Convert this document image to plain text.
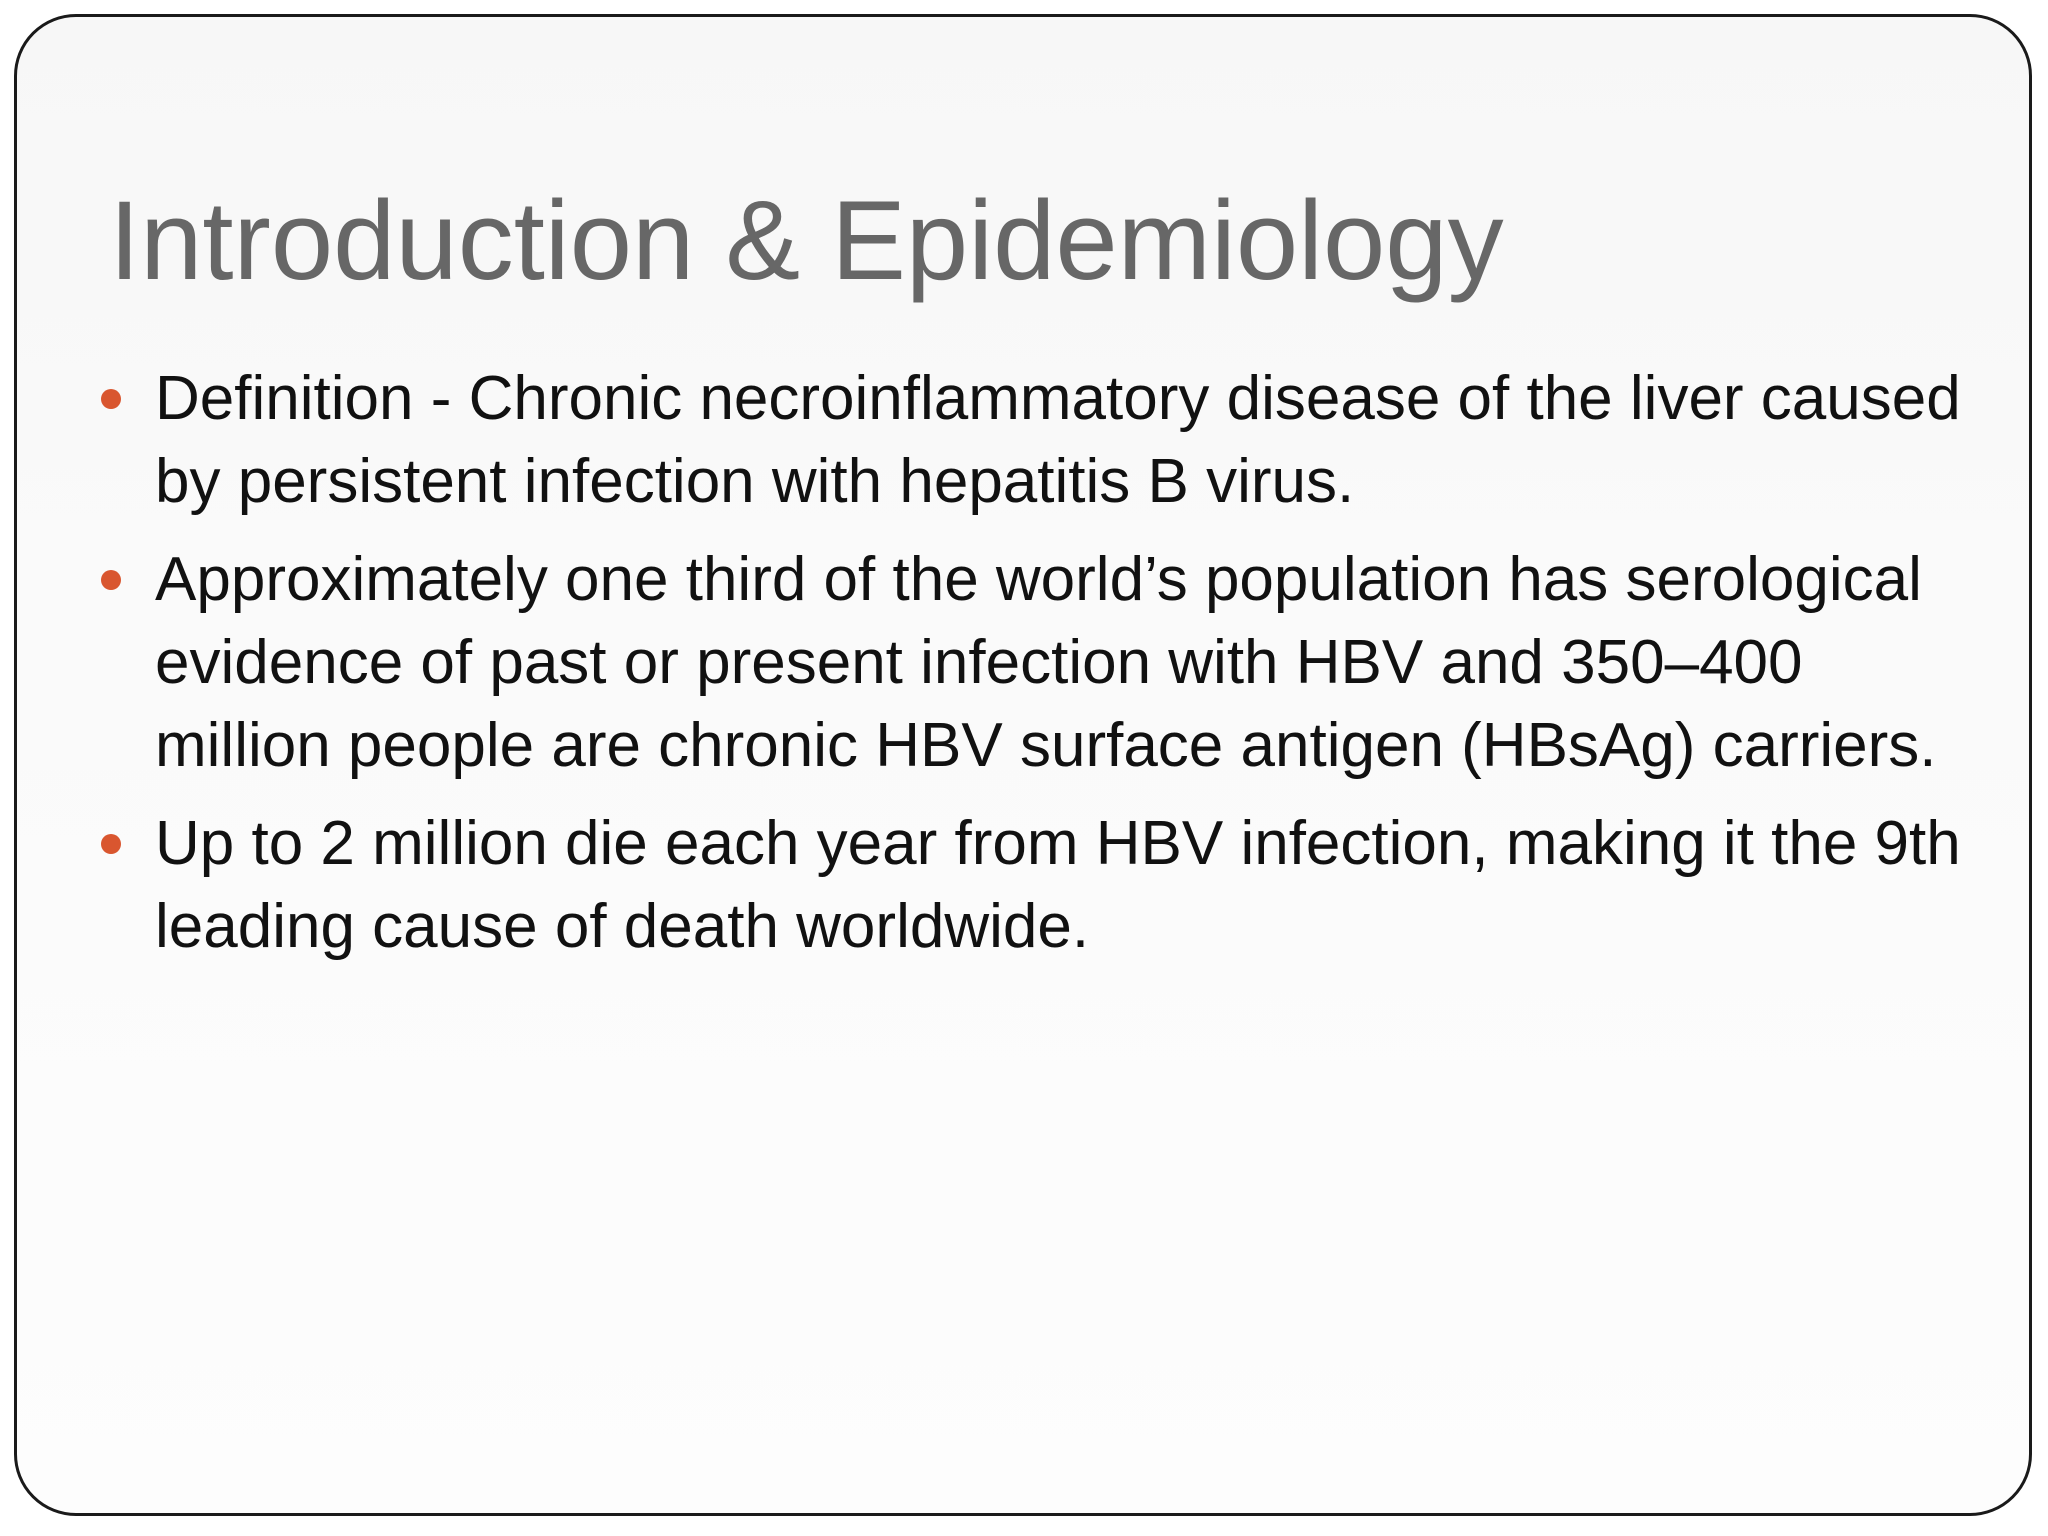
Introduction & Epidemiology
Definition - Chronic necroinflammatory disease of the liver caused by persistent infection with hepatitis B virus.
Approximately one third of the world’s population has serological evidence of past or present infection with HBV and 350–400 million people are chronic HBV surface antigen (HBsAg) carriers.
Up to 2 million die each year from HBV infection, making it the 9th leading cause of death worldwide.
